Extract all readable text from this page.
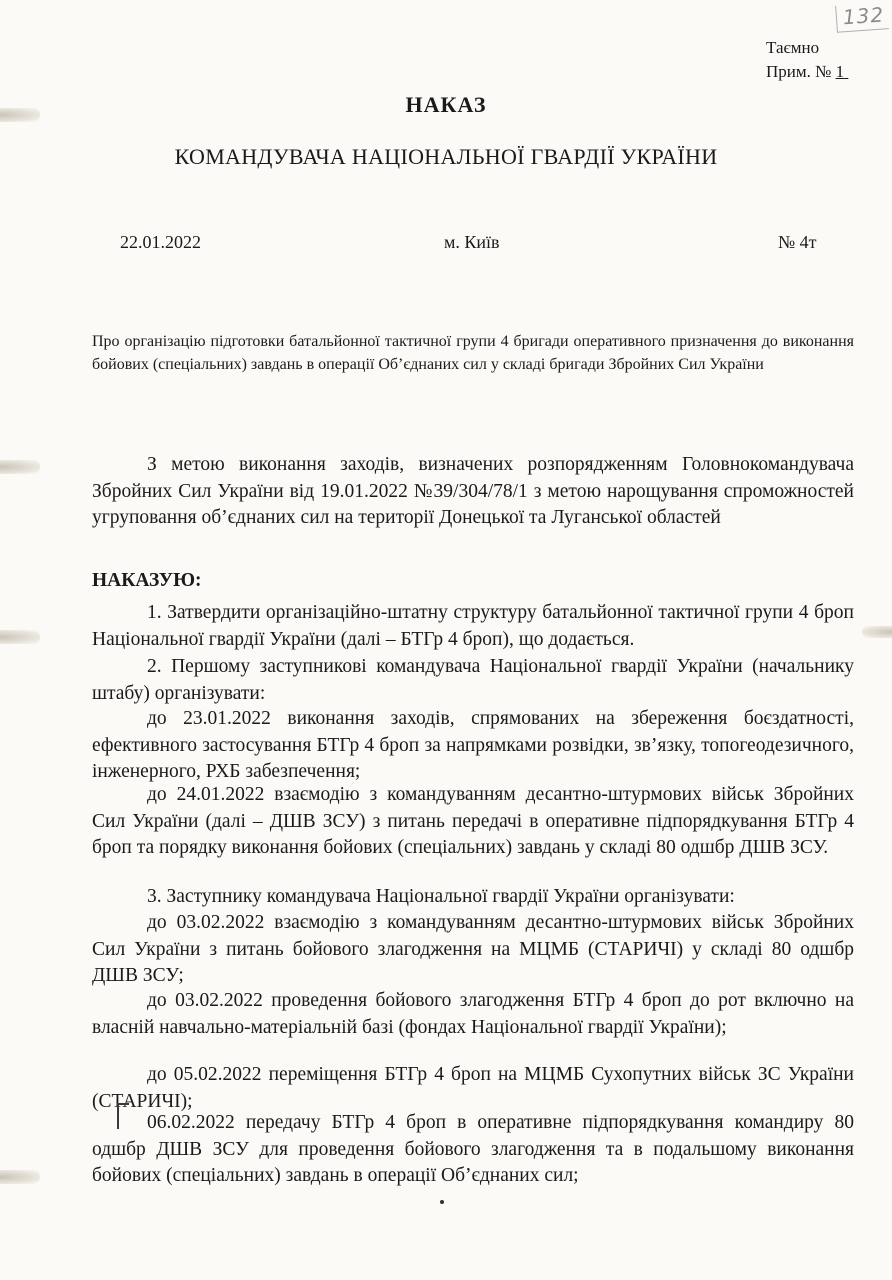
132
Таємно
Прим. № 1
НАКАЗ
КОМАНДУВАЧА НАЦІОНАЛЬНОЇ ГВАРДІЇ УКРАЇНИ
22.01.2022	м. Київ	№ 4т
Про організацію підготовки батальйонної тактичної групи 4 бригади оперативного призначення до виконання бойових (спеціальних) завдань в операції Об’єднаних сил у складі бригади Збройних Сил України
З метою виконання заходів, визначених розпорядженням Головнокомандувача Збройних Сил України від 19.01.2022 №39/304/78/1 з метою нарощування спроможностей угруповання об’єднаних сил на території Донецької та Луганської областей
НАКАЗУЮ:
1. Затвердити організаційно-штатну структуру батальйонної тактичної групи 4 броп Національної гвардії України (далі – БТГр 4 броп), що додається.
2. Першому заступникові командувача Національної гвардії України (начальнику штабу) організувати:
до 23.01.2022 виконання заходів, спрямованих на збереження боєздатності, ефективного застосування БТГр 4 броп за напрямками розвідки, зв’язку, топогеодезичного, інженерного, РХБ забезпечення;
до 24.01.2022 взаємодію з командуванням десантно-штурмових військ Збройних Сил України (далі – ДШВ ЗСУ) з питань передачі в оперативне підпорядкування БТГр 4 броп та порядку виконання бойових (спеціальних) завдань у складі 80 одшбр ДШВ ЗСУ.
3. Заступнику командувача Національної гвардії України організувати:
до 03.02.2022 взаємодію з командуванням десантно-штурмових військ Збройних Сил України з питань бойового злагодження на МЦМБ (СТАРИЧІ) у складі 80 одшбр ДШВ ЗСУ;
до 03.02.2022 проведення бойового злагодження БТГр 4 броп до рот включно на власній навчально-матеріальній базі (фондах Національної гвардії України);
до 05.02.2022 переміщення БТГр 4 броп на МЦМБ Сухопутних військ ЗС України (СТАРИЧІ);
06.02.2022 передачу БТГр 4 броп в оперативне підпорядкування командиру 80 одшбр ДШВ ЗСУ для проведення бойового злагодження та в подальшому виконання бойових (спеціальних) завдань в операції Об’єднаних сил;
